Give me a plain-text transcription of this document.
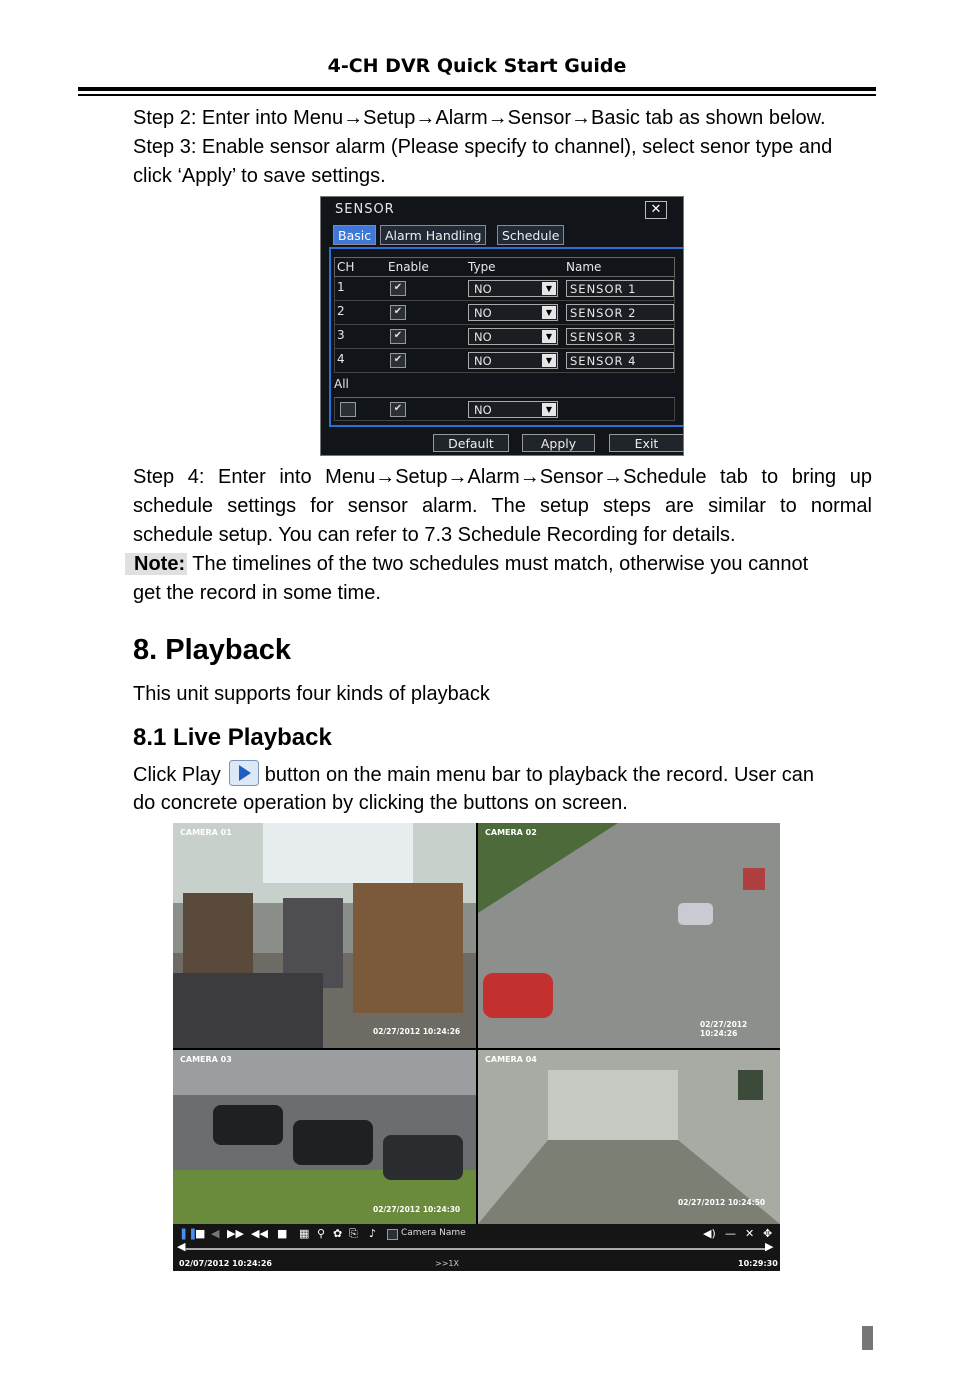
4-CH DVR Quick Start Guide
Step 2: Enter into Menu→Setup→Alarm→Sensor→Basic tab as shown below.
Step 3: Enable sensor alarm (Please specify to channel), select senor type and
click ‘Apply’ to save settings.
SENSOR	✕
Basic	Alarm Handling	Schedule
CH	Enable	Type	Name
1	✔	NO	▼	SENSOR 1
2	✔	NO	▼	SENSOR 2
3	✔	NO	▼	SENSOR 3
4	✔	NO	▼	SENSOR 4
All
✔	NO	▼
Default	Apply	Exit
Step 4: Enter into Menu→Setup→Alarm→Sensor→Schedule tab to bring up
schedule settings for sensor alarm. The setup steps are similar to normal
schedule setup. You can refer to 7.3 Schedule Recording for details.
Note: The timelines of the two schedules must match, otherwise you cannot
get the record in some time.
8. Playback
This unit supports four kinds of playback
8.1 Live Playback
Click Play button on the main menu bar to playback the record. User can
do concrete operation by clicking the buttons on screen.
CAMERA 01
02/27/2012 10:24:26
CAMERA 02
02/27/2012 10:24:26
CAMERA 03
02/27/2012 10:24:30
CAMERA 04
02/27/2012 10:24:50
❚❚
■ ◀ ▶▶ ◀◀ ■ ▦ ⚲ ✿ ⎘ ♪	Camera Name	◀) — ✕ ✥
◀	▶
02/07/2012 10:24:26	>>1X	10:29:30
